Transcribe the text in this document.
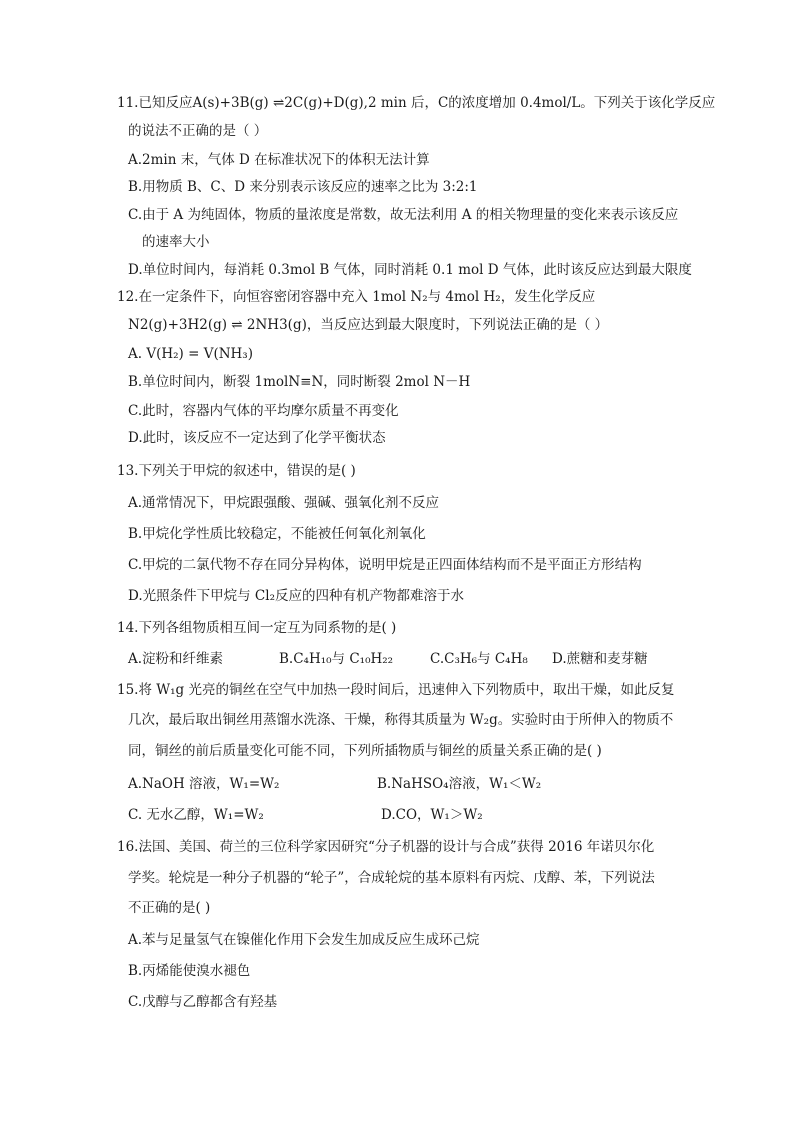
11.已知反应A(s)+3B(g) ⇌2C(g)+D(g),2 min 后，C的浓度增加 0.4mol/L。下列关于该化学反应
的说法不正确的是（ ）
A.2min 末，气体 D 在标准状况下的体积无法计算
B.用物质 B、C、D 来分别表示该反应的速率之比为 3:2:1
C.由于 A 为纯固体，物质的量浓度是常数，故无法利用 A 的相关物理量的变化来表示该反应
的速率大小
D.单位时间内，每消耗 0.3mol B 气体，同时消耗 0.1 mol D 气体，此时该反应达到最大限度
12.在一定条件下，向恒容密闭容器中充入 1mol N₂与 4mol H₂，发生化学反应
N2(g)+3H2(g) ⇌ 2NH3(g)，当反应达到最大限度时，下列说法正确的是（ ）
A. V(H₂) = V(NH₃)
B.单位时间内，断裂 1molN≡N，同时断裂 2mol N－H
C.此时，容器内气体的平均摩尔质量不再变化
D.此时，该反应不一定达到了化学平衡状态
13.下列关于甲烷的叙述中，错误的是( )
A.通常情况下，甲烷跟强酸、强碱、强氧化剂不反应
B.甲烷化学性质比较稳定，不能被任何氧化剂氧化
C.甲烷的二氯代物不存在同分异构体，说明甲烷是正四面体结构而不是平面正方形结构
D.光照条件下甲烷与 Cl₂反应的四种有机产物都难溶于水
14.下列各组物质相互间一定互为同系物的是( )
A.淀粉和纤维素	B.C₄H₁₀与 C₁₀H₂₂	C.C₃H₆与 C₄H₈ D.蔗糖和麦芽糖
15.将 W₁g 光亮的铜丝在空气中加热一段时间后，迅速伸入下列物质中，取出干燥，如此反复
几次，最后取出铜丝用蒸馏水洗涤、干燥，称得其质量为 W₂g。实验时由于所伸入的物质不
同，铜丝的前后质量变化可能不同，下列所插物质与铜丝的质量关系正确的是( )
A.NaOH 溶液，W₁=W₂	B.NaHSO₄溶液，W₁＜W₂
C. 无水乙醇，W₁=W₂	D.CO，W₁＞W₂
16.法国、美国、荷兰的三位科学家因研究“分子机器的设计与合成”获得 2016 年诺贝尔化
学奖。轮烷是一种分子机器的“轮子”，合成轮烷的基本原料有丙烷、戊醇、苯，下列说法
不正确的是( )
A.苯与足量氢气在镍催化作用下会发生加成反应生成环己烷
B.丙烯能使溴水褪色
C.戊醇与乙醇都含有羟基
